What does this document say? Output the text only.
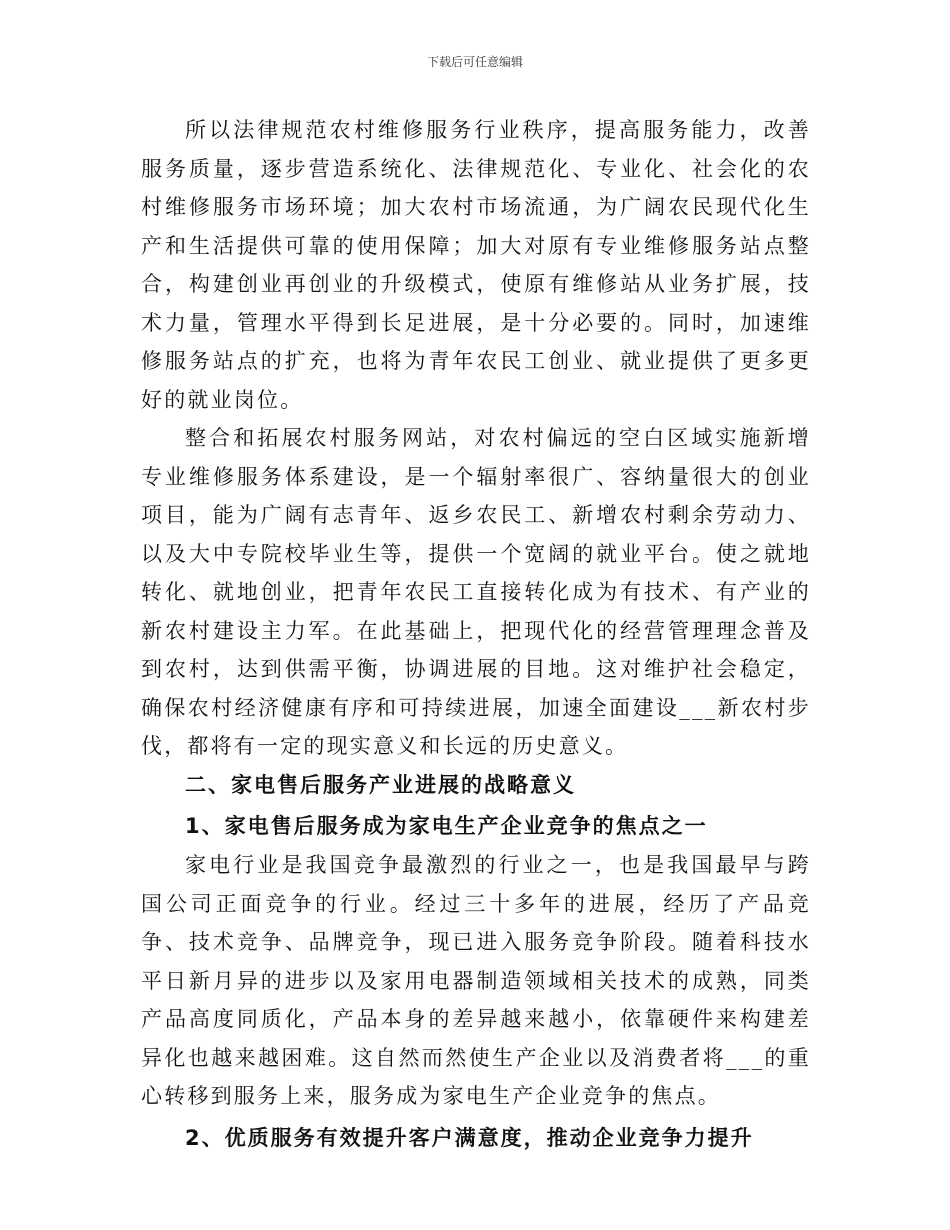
下载后可任意编辑

所以法律规范农村维修服务行业秩序，提高服务能力，改善服务质量，逐步营造系统化、法律规范化、专业化、社会化的农村维修服务市场环境；加大农村市场流通，为广阔农民现代化生产和生活提供可靠的使用保障；加大对原有专业维修服务站点整合，构建创业再创业的升级模式，使原有维修站从业务扩展，技术力量，管理水平得到长足进展，是十分必要的。同时，加速维修服务站点的扩充，也将为青年农民工创业、就业提供了更多更好的就业岗位。

整合和拓展农村服务网站，对农村偏远的空白区域实施新增专业维修服务体系建设，是一个辐射率很广、容纳量很大的创业项目，能为广阔有志青年、返乡农民工、新增农村剩余劳动力、以及大中专院校毕业生等，提供一个宽阔的就业平台。使之就地转化、就地创业，把青年农民工直接转化成为有技术、有产业的新农村建设主力军。在此基础上，把现代化的经营管理理念普及到农村，达到供需平衡，协调进展的目地。这对维护社会稳定，确保农村经济健康有序和可持续进展，加速全面建设___新农村步伐，都将有一定的现实意义和长远的历史意义。

二、家电售后服务产业进展的战略意义

1、家电售后服务成为家电生产企业竞争的焦点之一

家电行业是我国竞争最激烈的行业之一，也是我国最早与跨国公司正面竞争的行业。经过三十多年的进展，经历了产品竞争、技术竞争、品牌竞争，现已进入服务竞争阶段。随着科技水平日新月异的进步以及家用电器制造领域相关技术的成熟，同类产品高度同质化，产品本身的差异越来越小，依靠硬件来构建差异化也越来越困难。这自然而然使生产企业以及消费者将___的重心转移到服务上来，服务成为家电生产企业竞争的焦点。

2、优质服务有效提升客户满意度，推动企业竞争力提升
